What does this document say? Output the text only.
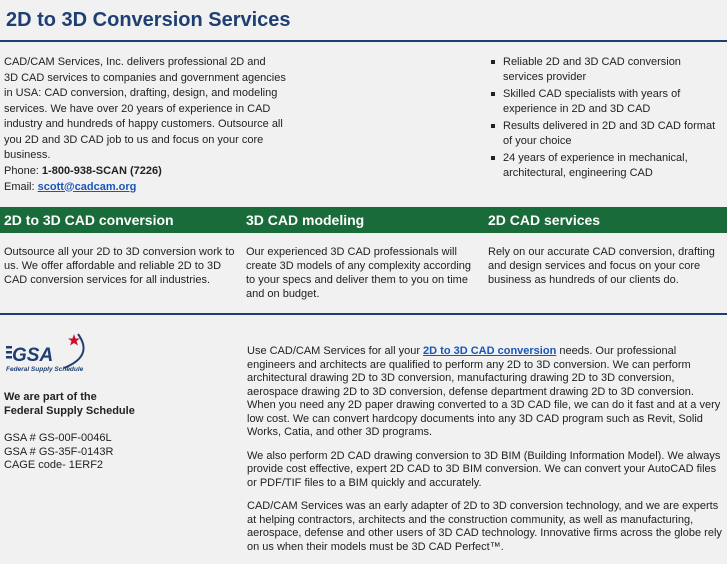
2D to 3D Conversion Services

CAD/CAM Services, Inc. delivers professional 2D and

3D CAD services to companies and government agencies

in USA: CAD conversion, drafting, design, and modeling

services. We have over 20 years of experience in CAD

industry and hundreds of happy customers. Outsource all

you 2D and 3D CAD job to us and focus on your core business.

Phone: 1-800-938-SCAN (7226)
Email: scott@cadcam.org
Reliable 2D and 3D CAD conversion services provider
Skilled CAD specialists with years of experience in 2D and 3D CAD
Results delivered in 2D and 3D CAD format of your choice
24 years of experience in mechanical, architectural, engineering CAD
2D to 3D CAD conversion	3D CAD modeling	2D CAD services
Outsource all your 2D to 3D conversion work to us. We offer affordable and reliable 2D to 3D CAD conversion services for all industries.
Our experienced 3D CAD professionals will create 3D models of any complexity according to your specs and deliver them to you on time and on budget.
Rely on our accurate CAD conversion, drafting and design services and focus on your core business as hundreds of our clients do.
GSA
Federal Supply Schedule
We are part of the
Federal Supply Schedule
GSA # GS-00F-0046L
GSA # GS-35F-0143R
CAGE code- 1ERF2

Use CAD/CAM Services for all your 2D to 3D CAD conversion needs. Our professional engineers and architects are qualified to perform any 2D to 3D conversion. We can perform architectural drawing 2D to 3D conversion, manufacturing drawing 2D to 3D conversion, aerospace drawing 2D to 3D conversion, defense department drawing 2D to 3D conversion. When you need any 2D paper drawing converted to a 3D CAD file, we can do it fast and at a very low cost. We can convert hardcopy documents into any 3D CAD program such as Revit, Solid Works, Catia, and other 3D programs.

We also perform 2D CAD drawing conversion to 3D BIM (Building Information Model). We always provide cost effective, expert 2D CAD to 3D BIM conversion. We can convert your AutoCAD files or PDF/TIF files to a BIM quickly and accurately.

CAD/CAM Services was an early adapter of 2D to 3D conversion technology, and we are experts at helping contractors, architects and the construction community, as well as manufacturing, aerospace, defense and other users of 3D CAD technology. Innovative firms across the globe rely on us when their models must be 3D CAD Perfect™.
